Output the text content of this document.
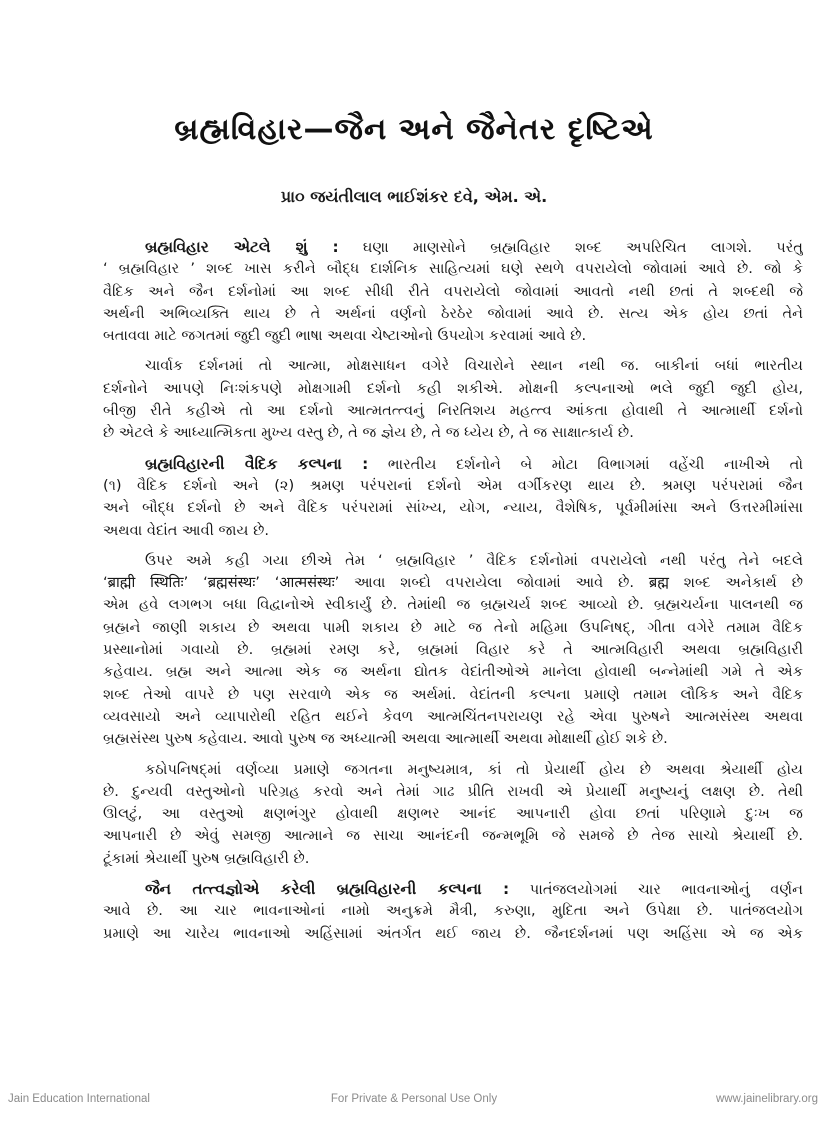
બ્રહ્મવિહાર—જૈન અને જૈનેતર દૃષ્ટિએ
પ્રા૦ જયંતીલાલ ભાઈશંકર દવે, એમ. એ.
બ્રહ્મવિહાર એટલે શું : ઘણા માણસોને બ્રહ્મવિહાર શબ્દ અપરિચિત લાગશે. પરંતુ
‘ બ્રહ્મવિહાર ’ શબ્દ ખાસ કરીને બૌદ્ધ દાર્શનિક સાહિત્યમાં ઘણે સ્થળે વપરાયેલો જોવામાં આવે છે. જો કે
વૈદિક અને જૈન દર્શનોમાં આ શબ્દ સીધી રીતે વપરાયેલો જોવામાં આવતો નથી છતાં તે શબ્દથી જે
અર્થની અભિવ્યક્તિ થાય છે તે અર્થનાં વર્ણનો ઠેરઠેર જોવામાં આવે છે. સત્ય એક હોય છતાં તેને
બતાવવા માટે જગતમાં જુદી જુદી ભાષા અથવા ચેષ્ટાઓનો ઉપયોગ કરવામાં આવે છે.
ચાર્વાક દર્શનમાં તો આત્મા, મોક્ષસાધન વગેરે વિચારોને સ્થાન નથી જ. બાકીનાં બધાં ભારતીય
દર્શનોને આપણે નિઃશંકપણે મોક્ષગામી દર્શનો કહી શકીએ. મોક્ષની કલ્પનાઓ ભલે જુદી જુદી હોય,
બીજી રીતે કહીએ તો આ દર્શનો આત્મતત્ત્વનું નિરતિશય મહત્ત્વ આંકતા હોવાથી તે આત્માર્થી દર્શનો
છે એટલે કે આધ્યાત્મિકતા મુખ્ય વસ્તુ છે, તે જ જ્ઞેય છે, તે જ ધ્યેય છે, તે જ સાક્ષાત્કાર્ય છે.
બ્રહ્મવિહારની વૈદિક કલ્પના : ભારતીય દર્શનોને બે મોટા વિભાગમાં વહેંચી નાખીએ તો
(૧) વૈદિક દર્શનો અને (૨) શ્રમણ પરંપરાનાં દર્શનો એમ વર્ગીકરણ થાય છે. શ્રમણ પરંપરામાં જૈન
અને બૌદ્ધ દર્શનો છે અને વૈદિક પરંપરામાં સાંખ્ય, યોગ, ન્યાય, વૈશેષિક, પૂર્વમીમાંસા અને ઉત્તરમીમાંસા
અથવા વેદાંત આવી જાય છે.
ઉપર અમે કહી ગયા છીએ તેમ ‘ બ્રહ્મવિહાર ’ વૈદિક દર્શનોમાં વપરાયેલો નથી પરંતુ તેને બદલે
‘ब्राह्मी स्थितिः’ ‘ब्रह्मसंस्थः’ ‘आत्मसंस्थः’ આવા શબ્દો વપરાયેલા જોવામાં આવે છે. ब्रह्म શબ્દ અનેકાર્થ છે
એમ હવે લગભગ બધા વિદ્વાનોએ સ્વીકાર્યું છે. તેમાંથી જ બ્રહ્મચર્ય શબ્દ આવ્યો છે. બ્રહ્મચર્યના પાલનથી જ
બ્રહ્મને જાણી શકાય છે અથવા પામી શકાય છે માટે જ તેનો મહિમા ઉપનિષદ્, ગીતા વગેરે તમામ વૈદિક
પ્રસ્થાનોમાં ગવાયો છે. બ્રહ્મમાં રમણ કરે, બ્રહ્મમાં વિહાર કરે તે આત્મવિહારી અથવા બ્રહ્મવિહારી
કહેવાય. બ્રહ્મ અને આત્મા એક જ અર્થના દ્યોતક વેદાંતીઓએ માનેલા હોવાથી બન્નેમાંથી ગમે તે એક
શબ્દ તેઓ વાપરે છે પણ સરવાળે એક જ અર્થમાં. વેદાંતની કલ્પના પ્રમાણે તમામ લૌકિક અને વૈદિક
વ્યવસાયો અને વ્યાપારોથી રહિત થઈને કેવળ આત્મચિંતનપરાયણ રહે એવા પુરુષને આત્મસંસ્થ અથવા
બ્રહ્મસંસ્થ પુરુષ કહેવાય. આવો પુરુષ જ અધ્યાત્મી અથવા આત્માર્થી અથવા મોક્ષાર્થી હોઈ શકે છે.
કઠોપનિષદ્‌માં વર્ણવ્યા પ્રમાણે જગતના મનુષ્યમાત્ર, કાં તો પ્રેયાર્થી હોય છે અથવા શ્રેયાર્થી હોય
છે. દુન્યવી વસ્તુઓનો પરિગ્રહ કરવો અને તેમાં ગાઢ પ્રીતિ રાખવી એ પ્રેયાર્થી મનુષ્યનું લક્ષણ છે. તેથી
ઊલટું, આ વસ્તુઓ ક્ષણભંગુર હોવાથી ક્ષણભર આનંદ આપનારી હોવા છતાં પરિણામે દુઃખ જ
આપનારી છે એવું સમજી આત્માને જ સાચા આનંદની જન્મભૂમિ જે સમજે છે તેજ સાચો શ્રેયાર્થી છે.
ટૂંકામાં શ્રેયાર્થી પુરુષ બ્રહ્મવિહારી છે.
જૈન તત્ત્વજ્ઞોએ કરેલી બ્રહ્મવિહારની કલ્પના : પાતંજલયોગમાં ચાર ભાવનાઓનું વર્ણન
આવે છે. આ ચાર ભાવનાઓનાં નામો અનુક્રમે મૈત્રી, કરુણા, મુદિતા અને ઉપેક્ષા છે. પાતંજલયોગ
પ્રમાણે આ ચારેય ભાવનાઓ અહિંસામાં અંતર્ગત થઈ જાય છે. જૈનદર્શનમાં પણ અહિંસા એ જ એક
Jain Education International	For Private & Personal Use Only	www.jainelibrary.org
